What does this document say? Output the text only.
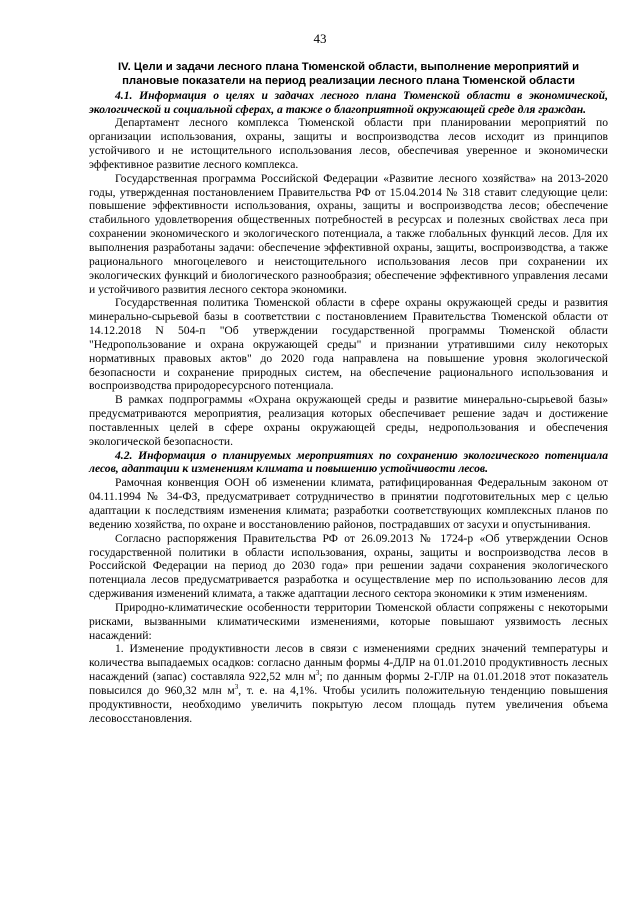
43
IV. Цели и задачи лесного плана Тюменской области, выполнение мероприятий и плановые показатели на период реализации лесного плана Тюменской области

4.1. Информация о целях и задачах лесного плана Тюменской области в экономической, экологической и социальной сферах, а также о благоприятной окружающей среде для граждан.

Департамент лесного комплекса Тюменской области при планировании мероприятий по организации использования, охраны, защиты и воспроизводства лесов исходит из принципов устойчивого и не истощительного использования лесов, обеспечивая уверенное и экономически эффективное развитие лесного комплекса.

Государственная программа Российской Федерации «Развитие лесного хозяйства» на 2013-2020 годы, утвержденная постановлением Правительства РФ от 15.04.2014 № 318 ставит следующие цели: повышение эффективности использования, охраны, защиты и воспроизводства лесов; обеспечение стабильного удовлетворения общественных потребностей в ресурсах и полезных свойствах леса при сохранении экономического и экологического потенциала, а также глобальных функций лесов. Для их выполнения разработаны задачи: обеспечение эффективной охраны, защиты, воспроизводства, а также рационального многоцелевого и неистощительного использования лесов при сохранении их экологических функций и биологического разнообразия; обеспечение эффективного управления лесами и устойчивого развития лесного сектора экономики.

Государственная политика Тюменской области в сфере охраны окружающей среды и развития минерально-сырьевой базы в соответствии с постановлением Правительства Тюменской области от 14.12.2018 N 504-п "Об утверждении государственной программы Тюменской области "Недропользование и охрана окружающей среды" и признании утратившими силу некоторых нормативных правовых актов" до 2020 года направлена на повышение уровня экологической безопасности и сохранение природных систем, на обеспечение рационального использования и воспроизводства природоресурсного потенциала.

В рамках подпрограммы «Охрана окружающей среды и развитие минерально-сырьевой базы» предусматриваются мероприятия, реализация которых обеспечивает решение задач и достижение поставленных целей в сфере охраны окружающей среды, недропользования и обеспечения экологической безопасности.

4.2. Информация о планируемых мероприятиях по сохранению экологического потенциала лесов, адаптации к изменениям климата и повышению устойчивости лесов.

Рамочная конвенция ООН об изменении климата, ратифицированная Федеральным законом от 04.11.1994 № 34-ФЗ, предусматривает сотрудничество в принятии подготовительных мер с целью адаптации к последствиям изменения климата; разработки соответствующих комплексных планов по ведению хозяйства, по охране и восстановлению районов, пострадавших от засухи и опустынивания.

Согласно распоряжения Правительства РФ от 26.09.2013 № 1724-р «Об утверждении Основ государственной политики в области использования, охраны, защиты и воспроизводства лесов в Российской Федерации на период до 2030 года» при решении задачи сохранения экологического потенциала лесов предусматривается разработка и осуществление мер по использованию лесов для сдерживания изменений климата, а также адаптации лесного сектора экономики к этим изменениям.

Природно-климатические особенности территории Тюменской области сопряжены с некоторыми рисками, вызванными климатическими изменениями, которые повышают уязвимость лесных насаждений:

1. Изменение продуктивности лесов в связи с изменениями средних значений температуры и количества выпадаемых осадков: согласно данным формы 4-ДЛР на 01.01.2010 продуктивность лесных насаждений (запас) составляла 922,52 млн $м^3$; по данным формы 2-ГЛР на 01.01.2018 этот показатель повысился до 960,32 млн $м^3$, т. е. на 4,1%. Чтобы усилить положительную тенденцию повышения продуктивности, необходимо увеличить покрытую лесом площадь путем увеличения объема лесовосстановления.
